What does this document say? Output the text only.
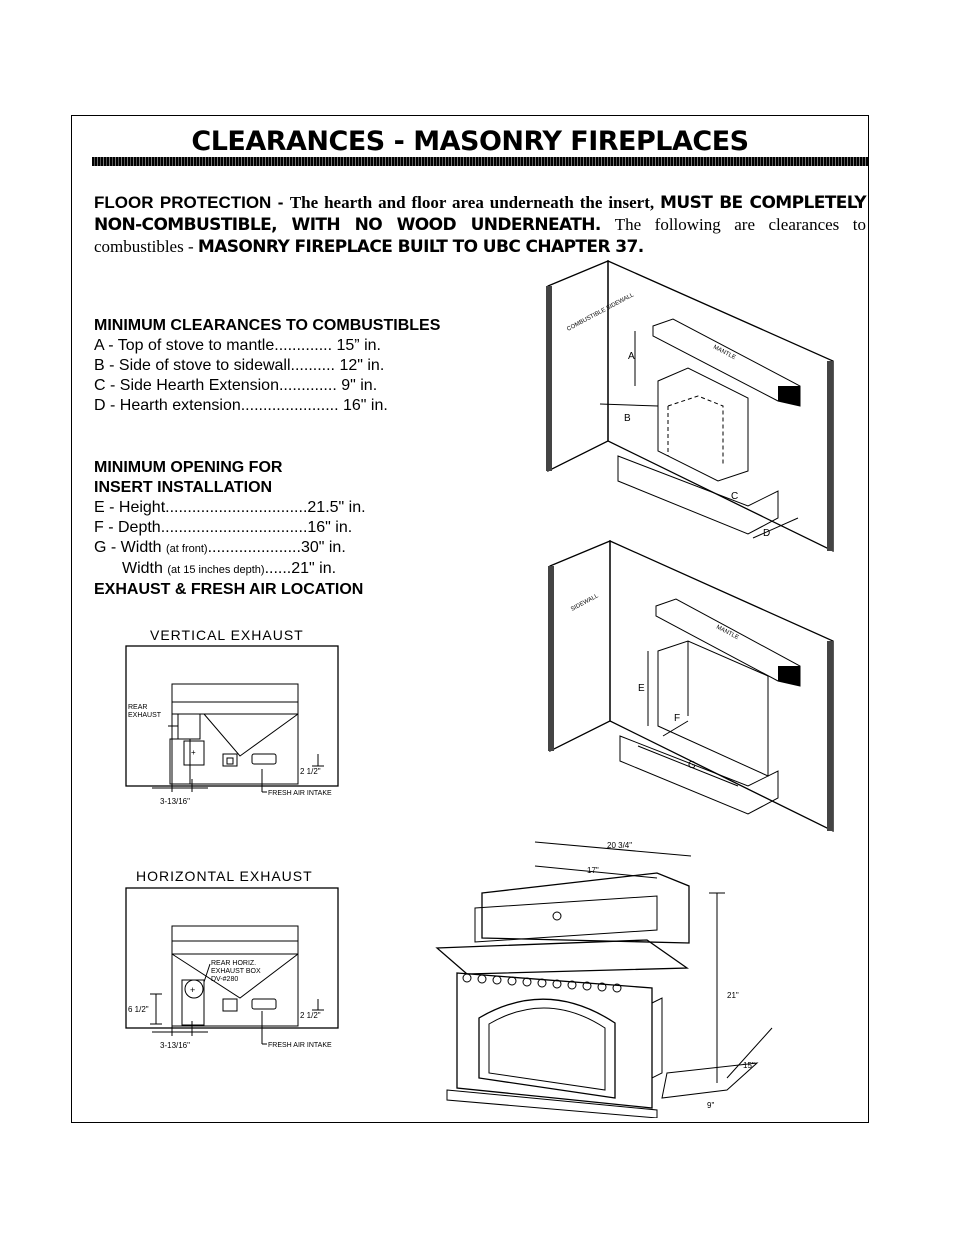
CLEARANCES - MASONRY FIREPLACES
FLOOR PROTECTION - The hearth and floor area underneath the insert, MUST BE COMPLETELY NON-COMBUSTIBLE, WITH NO WOOD UNDERNEATH. The following are clearances to combustibles - MASONRY FIREPLACE BUILT TO UBC CHAPTER 37.
MINIMUM CLEARANCES TO COMBUSTIBLES
A - Top of stove to mantle............. 15” in.
B - Side of stove to sidewall.......... 12" in.
C - Side Hearth Extension............. 9" in.
D - Hearth extension...................... 16" in.
MINIMUM OPENING FOR
INSERT INSTALLATION
E - Height................................21.5" in.
F - Depth.................................16" in.
G - Width (at front).....................30" in.
Width (at 15 inches depth)......21" in.
EXHAUST & FRESH AIR LOCATION
VERTICAL EXHAUST
+
REAR
EXHAUST
2 1/2"
FRESH AIR INTAKE
3-13/16"
HORIZONTAL EXHAUST
+
REAR HORIZ.
EXHAUST BOX
DV-#280
6 1/2"
2 1/2"
FRESH AIR INTAKE
3-13/16"
A
B
C
D
COMBUSTIBLE SIDEWALL
MANTLE
E
F
G
SIDEWALL
MANTLE
20 3/4"
17"
21"
15"
9"
